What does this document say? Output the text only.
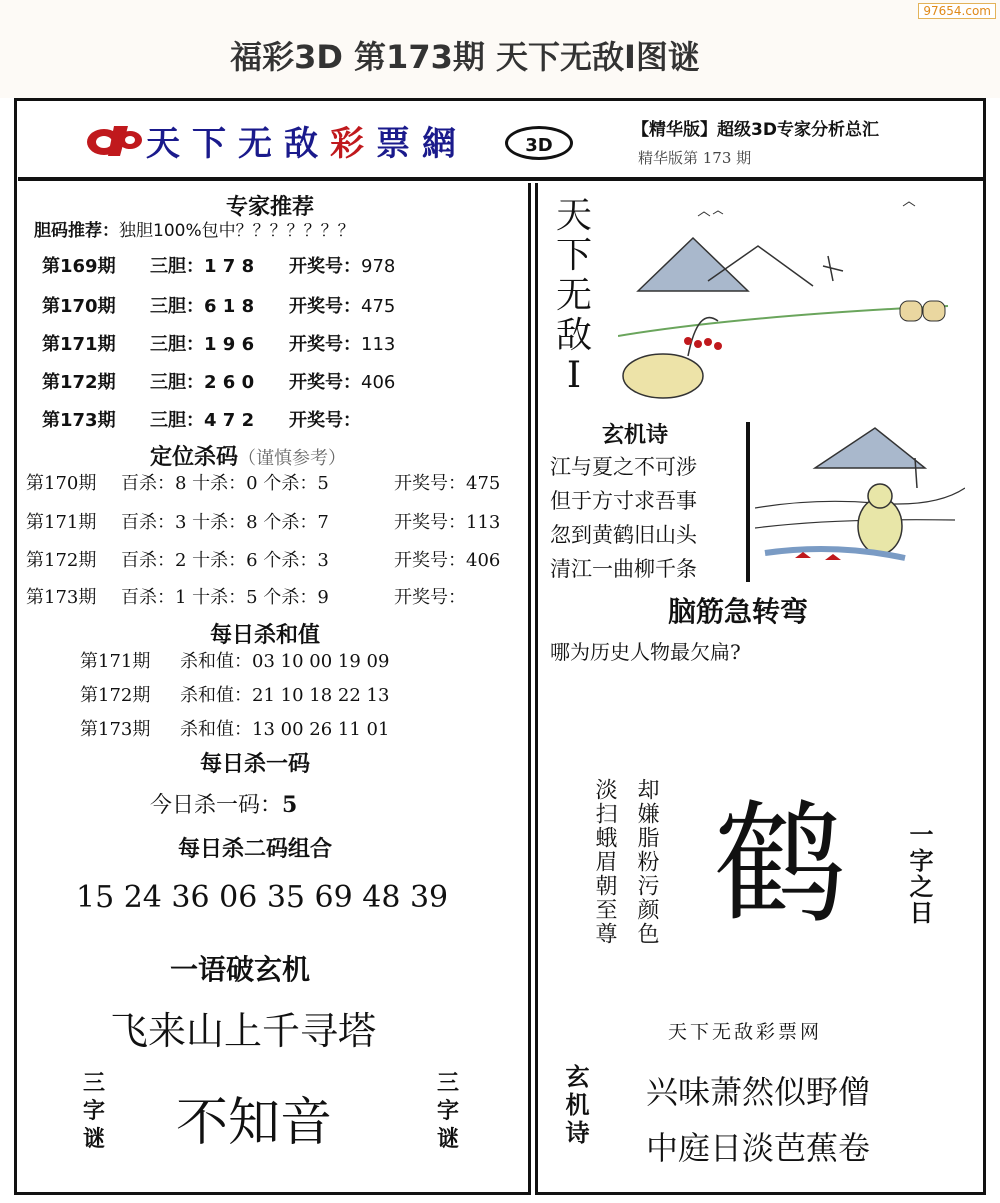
97654.com
福彩3D 第173期 天下无敌Ⅰ图谜
天下无敌彩票網	3D
【精华版】超级3D专家分析总汇
精华版第 173 期
专家推荐
胆码推荐：独胆100%包中？？？？？？？
第169期 三胆：1 7 8	开奖号：978
第170期 三胆：6 1 8	开奖号：475
第171期 三胆：1 9 6	开奖号：113
第172期 三胆：2 6 0	开奖号：406
第173期 三胆：4 7 2	开奖号：
定位杀码（谨慎参考）
第170期 百杀：8 十杀：0 个杀：5	开奖号：475
第171期 百杀：3 十杀：8 个杀：7	开奖号：113
第172期 百杀：2 十杀：6 个杀：3	开奖号：406
第173期 百杀：1 十杀：5 个杀：9	开奖号：
每日杀和值
第171期 杀和值：03 10 00 19 09
第172期 杀和值：21 10 18 22 13
第173期 杀和值：13 00 26 11 01
每日杀一码
今日杀一码：5
每日杀二码组合
15 24 36 06 35 69 48 39
一语破玄机
飞来山上千寻塔
三字谜 不知音
三字谜
天下无敌Ⅰ
玄机诗
江与夏之不可涉
但于方寸求吾事
忽到黄鹤旧山头
清江一曲柳千条
脑筋急转弯
哪为历史人物最欠扁?
淡扫蛾眉朝至尊 却嫌脂粉污颜色 鹤 一字之日
天下无敌彩票网
玄机诗 兴味萧然似野僧
中庭日淡芭蕉卷
